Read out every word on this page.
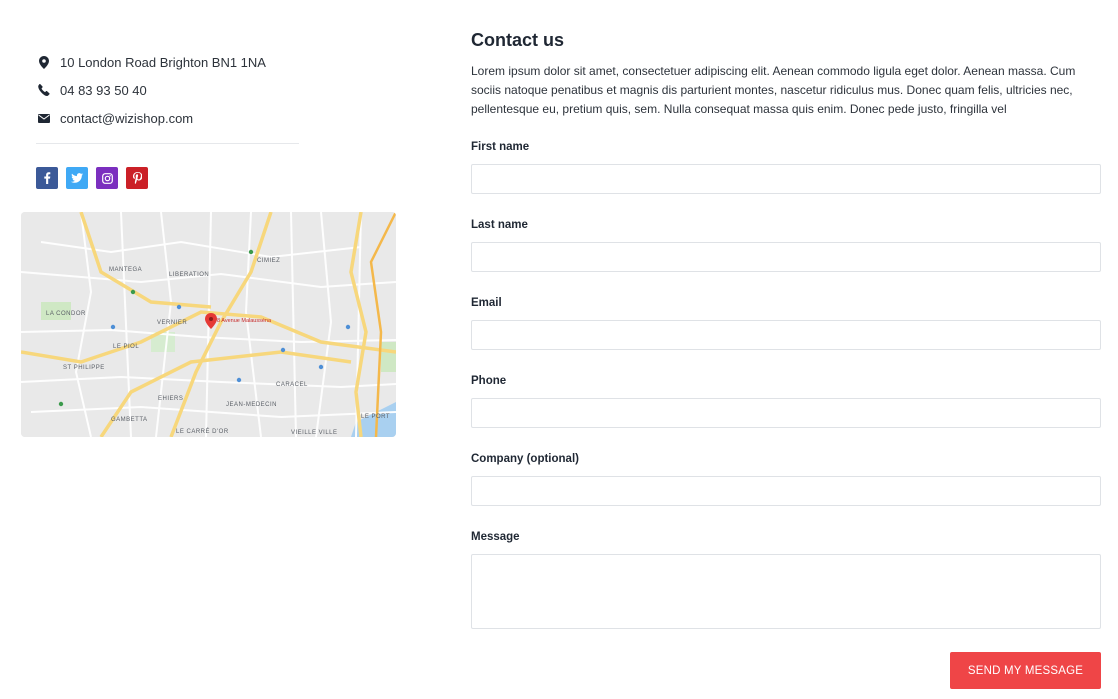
10 London Road Brighton BN1 1NA
04 83 93 50 40
contact@wizishop.com
LIBERATION
CIMIEZ
MANTEGA
VERNIER
LE PIOL
ST PHILIPPE
LA CONDOR
CARACEL
JEAN-MEDECIN
EHIERS
GAMBETTA
LE CARRÉ D'OR	VIEILLE VILLE
LE PORT
8 Avenue Malausséna
Contact us

Lorem ipsum dolor sit amet, consectetuer adipiscing elit. Aenean commodo ligula eget dolor. Aenean massa. Cum sociis natoque penatibus et magnis dis parturient montes, nascetur ridiculus mus. Donec quam felis, ultricies nec, pellentesque eu, pretium quis, sem. Nulla consequat massa quis enim. Donec pede justo, fringilla vel

First name
Last name
Email
Phone
Company (optional)
Message
SEND MY MESSAGE
